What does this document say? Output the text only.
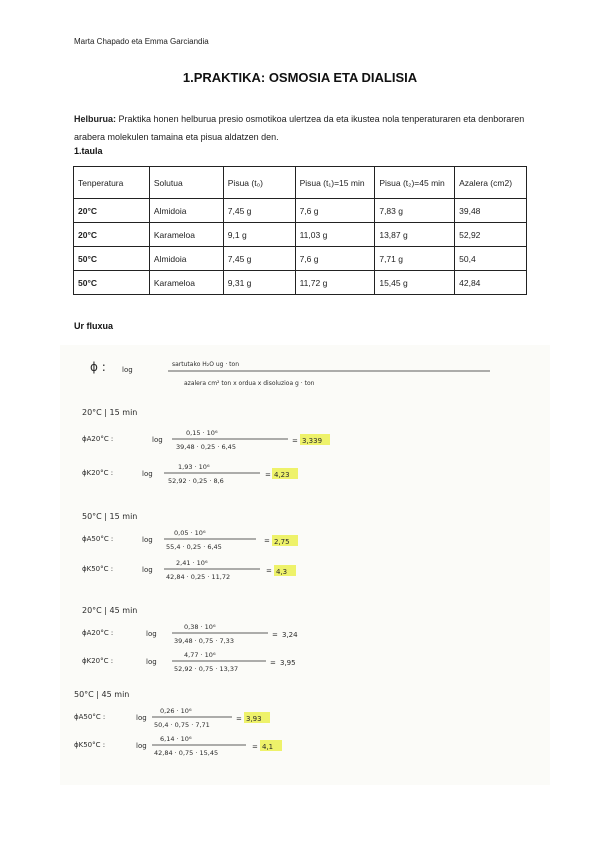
Marta Chapado eta Emma Garciandia
1.PRAKTIKA: OSMOSIA ETA DIALISIA
Helburua: Praktika honen helburua presio osmotikoa ulertzea da eta ikustea nola tenperaturaren eta denboraren arabera molekulen tamaina eta pisua aldatzen den.
1.taula
Tenperatura	Solutua	Pisua (t₀)	Pisua (t₁)=15 min	Pisua (t₂)=45 min	Azalera (cm2)
20°C	Almidoia	7,45 g	7,6 g	7,83 g	39,48
20°C	Karameloa	9,1 g	11,03 g	13,87 g	52,92
50°C	Almidoia	7,45 g	7,6 g	7,71 g	50,4
50°C	Karameloa	9,31 g	11,72 g	15,45 g	42,84
Ur fluxua
ϕ : log
sartutako H₂O ug · ton
azalera cm² ton x ordua x disoluzioa g · ton
20°C | 15 min
ϕA20°C :	log
0,15 · 10⁶
39,48 · 0,25 · 6,45
= 3,339
ϕK20°C :	log
1,93 · 10⁶
52,92 · 0,25 · 8,6
= 4,23
50°C | 15 min
ϕA50°C :	log
0,05 · 10⁶
55,4 · 0,25 · 6,45
= 2,75
ϕK50°C :	log
2,41 · 10⁶
42,84 · 0,25 · 11,72
= 4,3
20°C | 45 min
ϕA20°C :	log
0,38 · 10⁶
39,48 · 0,75 · 7,33
= 3,24
ϕK20°C :	log
4,77 · 10⁶
52,92 · 0,75 · 13,37
= 3,95
50°C | 45 min
ϕA50°C :	log
0,26 · 10⁶
50,4 · 0,75 · 7,71
= 3,93
ϕK50°C :	log
6,14 · 10⁶
42,84 · 0,75 · 15,45
= 4,1
